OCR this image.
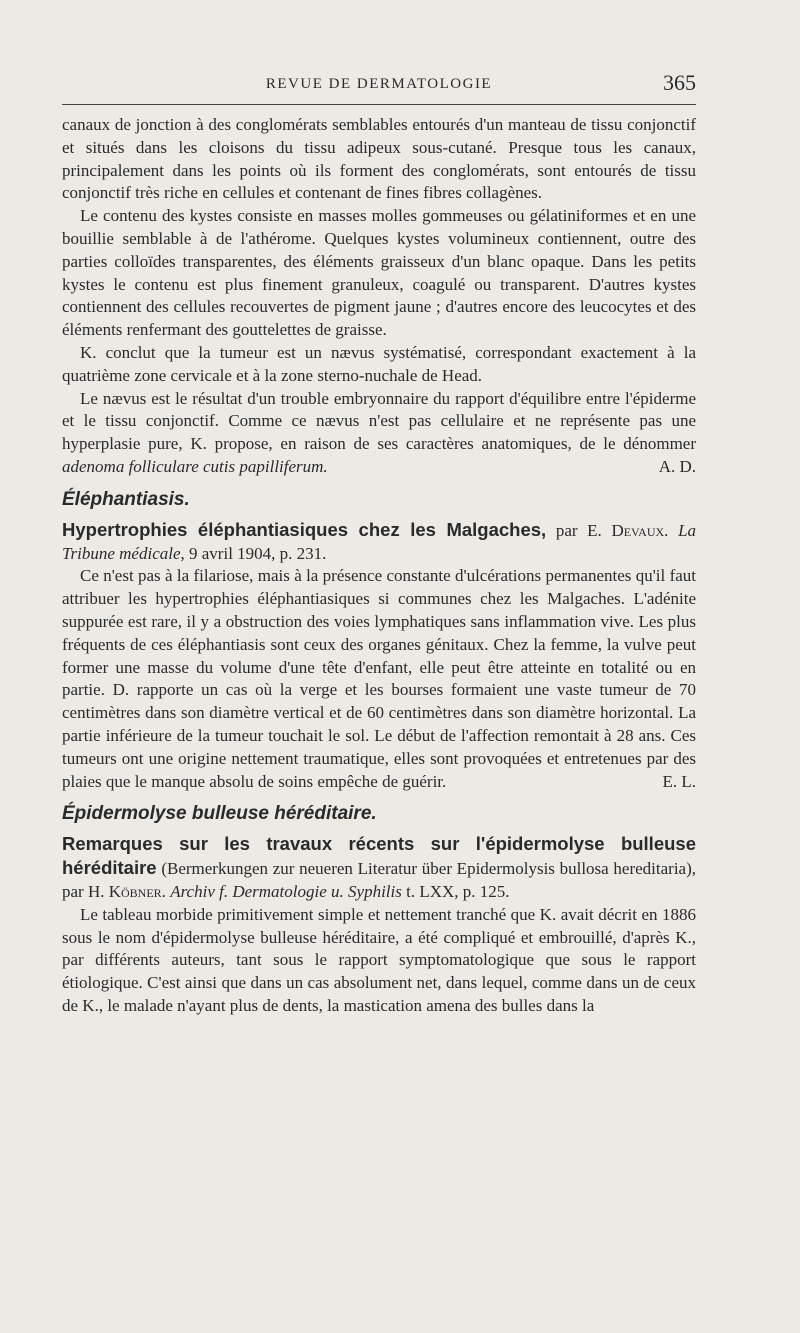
REVUE DE DERMATOLOGIE	365

canaux de jonction à des conglomérats semblables entourés d'un manteau de tissu conjonctif et situés dans les cloisons du tissu adipeux sous-cutané. Presque tous les canaux, principalement dans les points où ils forment des conglomérats, sont entourés de tissu conjonctif très riche en cellules et contenant de fines fibres collagènes.

Le contenu des kystes consiste en masses molles gommeuses ou gélatiniformes et en une bouillie semblable à de l'athérome. Quelques kystes volumineux contiennent, outre des parties colloïdes transparentes, des éléments graisseux d'un blanc opaque. Dans les petits kystes le contenu est plus finement granuleux, coagulé ou transparent. D'autres kystes contiennent des cellules recouvertes de pigment jaune ; d'autres encore des leucocytes et des éléments renfermant des gouttelettes de graisse.

K. conclut que la tumeur est un nævus systématisé, correspondant exactement à la quatrième zone cervicale et à la zone sterno-nuchale de Head.

Le nævus est le résultat d'un trouble embryonnaire du rapport d'équilibre entre l'épiderme et le tissu conjonctif. Comme ce nævus n'est pas cellulaire et ne représente pas une hyperplasie pure, K. propose, en raison de ses caractères anatomiques, de le dénommer adenoma folliculare cutis papilliferum.	A. D.

Éléphantiasis.

Hypertrophies éléphantiasiques chez les Malgaches, par E. Devaux. La Tribune médicale, 9 avril 1904, p. 231.

Ce n'est pas à la filariose, mais à la présence constante d'ulcérations permanentes qu'il faut attribuer les hypertrophies éléphantiasiques si communes chez les Malgaches. L'adénite suppurée est rare, il y a obstruction des voies lymphatiques sans inflammation vive. Les plus fréquents de ces éléphantiasis sont ceux des organes génitaux. Chez la femme, la vulve peut former une masse du volume d'une tête d'enfant, elle peut être atteinte en totalité ou en partie. D. rapporte un cas où la verge et les bourses formaient une vaste tumeur de 70 centimètres dans son diamètre vertical et de 60 centimètres dans son diamètre horizontal. La partie inférieure de la tumeur touchait le sol. Le début de l'affection remontait à 28 ans. Ces tumeurs ont une origine nettement traumatique, elles sont provoquées et entretenues par des plaies que le manque absolu de soins empêche de guérir.	E. L.

Épidermolyse bulleuse héréditaire.

Remarques sur les travaux récents sur l'épidermolyse bulleuse héréditaire (Bermerkungen zur neueren Literatur über Epidermolysis bullosa hereditaria), par H. Köbner. Archiv f. Dermatologie u. Syphilis t. LXX, p. 125.

Le tableau morbide primitivement simple et nettement tranché que K. avait décrit en 1886 sous le nom d'épidermolyse bulleuse héréditaire, a été compliqué et embrouillé, d'après K., par différents auteurs, tant sous le rapport symptomatologique que sous le rapport étiologique. C'est ainsi que dans un cas absolument net, dans lequel, comme dans un de ceux de K., le malade n'ayant plus de dents, la mastication amena des bulles dans la
